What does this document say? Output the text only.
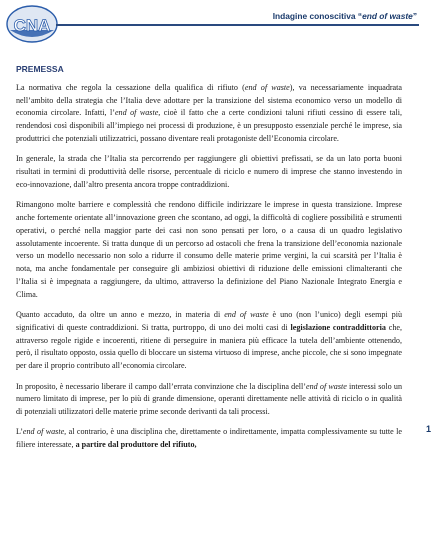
CNA	Indagine conoscitiva “end of waste”
1
PREMESSA

La normativa che regola la cessazione della qualifica di rifiuto (end of waste), va necessariamente inquadrata nell’ambito della strategia che l’Italia deve adottare per la transizione del sistema economico verso un modello di economia circolare. Infatti, l’end of waste, cioè il fatto che a certe condizioni taluni rifiuti cessino di essere tali, rendendosi così disponibili all’impiego nei processi di produzione, è un presupposto essenziale perché le imprese, sia produttrici che potenziali utilizzatrici, possano diventare reali protagoniste dell’Economia circolare.

In generale, la strada che l’Italia sta percorrendo per raggiungere gli obiettivi prefissati, se da un lato porta buoni risultati in termini di produttività delle risorse, percentuale di riciclo e numero di imprese che stanno investendo in eco-innovazione, dall’altro presenta ancora troppe contraddizioni.

Rimangono molte barriere e complessità che rendono difficile indirizzare le imprese in questa transizione. Imprese anche fortemente orientate all’innovazione green che scontano, ad oggi, la difficoltà di cogliere possibilità e strumenti operativi, o perché nella maggior parte dei casi non sono pensati per loro, o a causa di un quadro legislativo assolutamente incoerente. Si tratta dunque di un percorso ad ostacoli che frena la transizione dell’economia nazionale verso un modello necessario non solo a ridurre il consumo delle materie prime vergini, la cui scarsità per l’Italia è nota, ma anche fondamentale per conseguire gli ambiziosi obiettivi di riduzione delle emissioni climalteranti che l’Italia si è impegnata a raggiungere, da ultimo, attraverso la definizione del Piano Nazionale Integrato Energia e Clima.

Quanto accaduto, da oltre un anno e mezzo, in materia di end of waste è uno (non l’unico) degli esempi più significativi di queste contraddizioni. Si tratta, purtroppo, di uno dei molti casi di legislazione contraddittoria che, attraverso regole rigide e incoerenti, ritiene di perseguire in maniera più efficace la tutela dell’ambiente ottenendo, però, il risultato opposto, ossia quello di bloccare un sistema virtuoso di imprese, anche piccole, che si sono impegnate per dare il proprio contributo all’economia circolare.

In proposito, è necessario liberare il campo dall’errata convinzione che la disciplina dell’end of waste interessi solo un numero limitato di imprese, per lo più di grande dimensione, operanti direttamente nelle attività di riciclo o in qualità di potenziali utilizzatori delle materie prime seconde derivanti da tali processi.

L’end of waste, al contrario, è una disciplina che, direttamente o indirettamente, impatta complessivamente su tutte le filiere interessate, a partire dal produttore del rifiuto,
